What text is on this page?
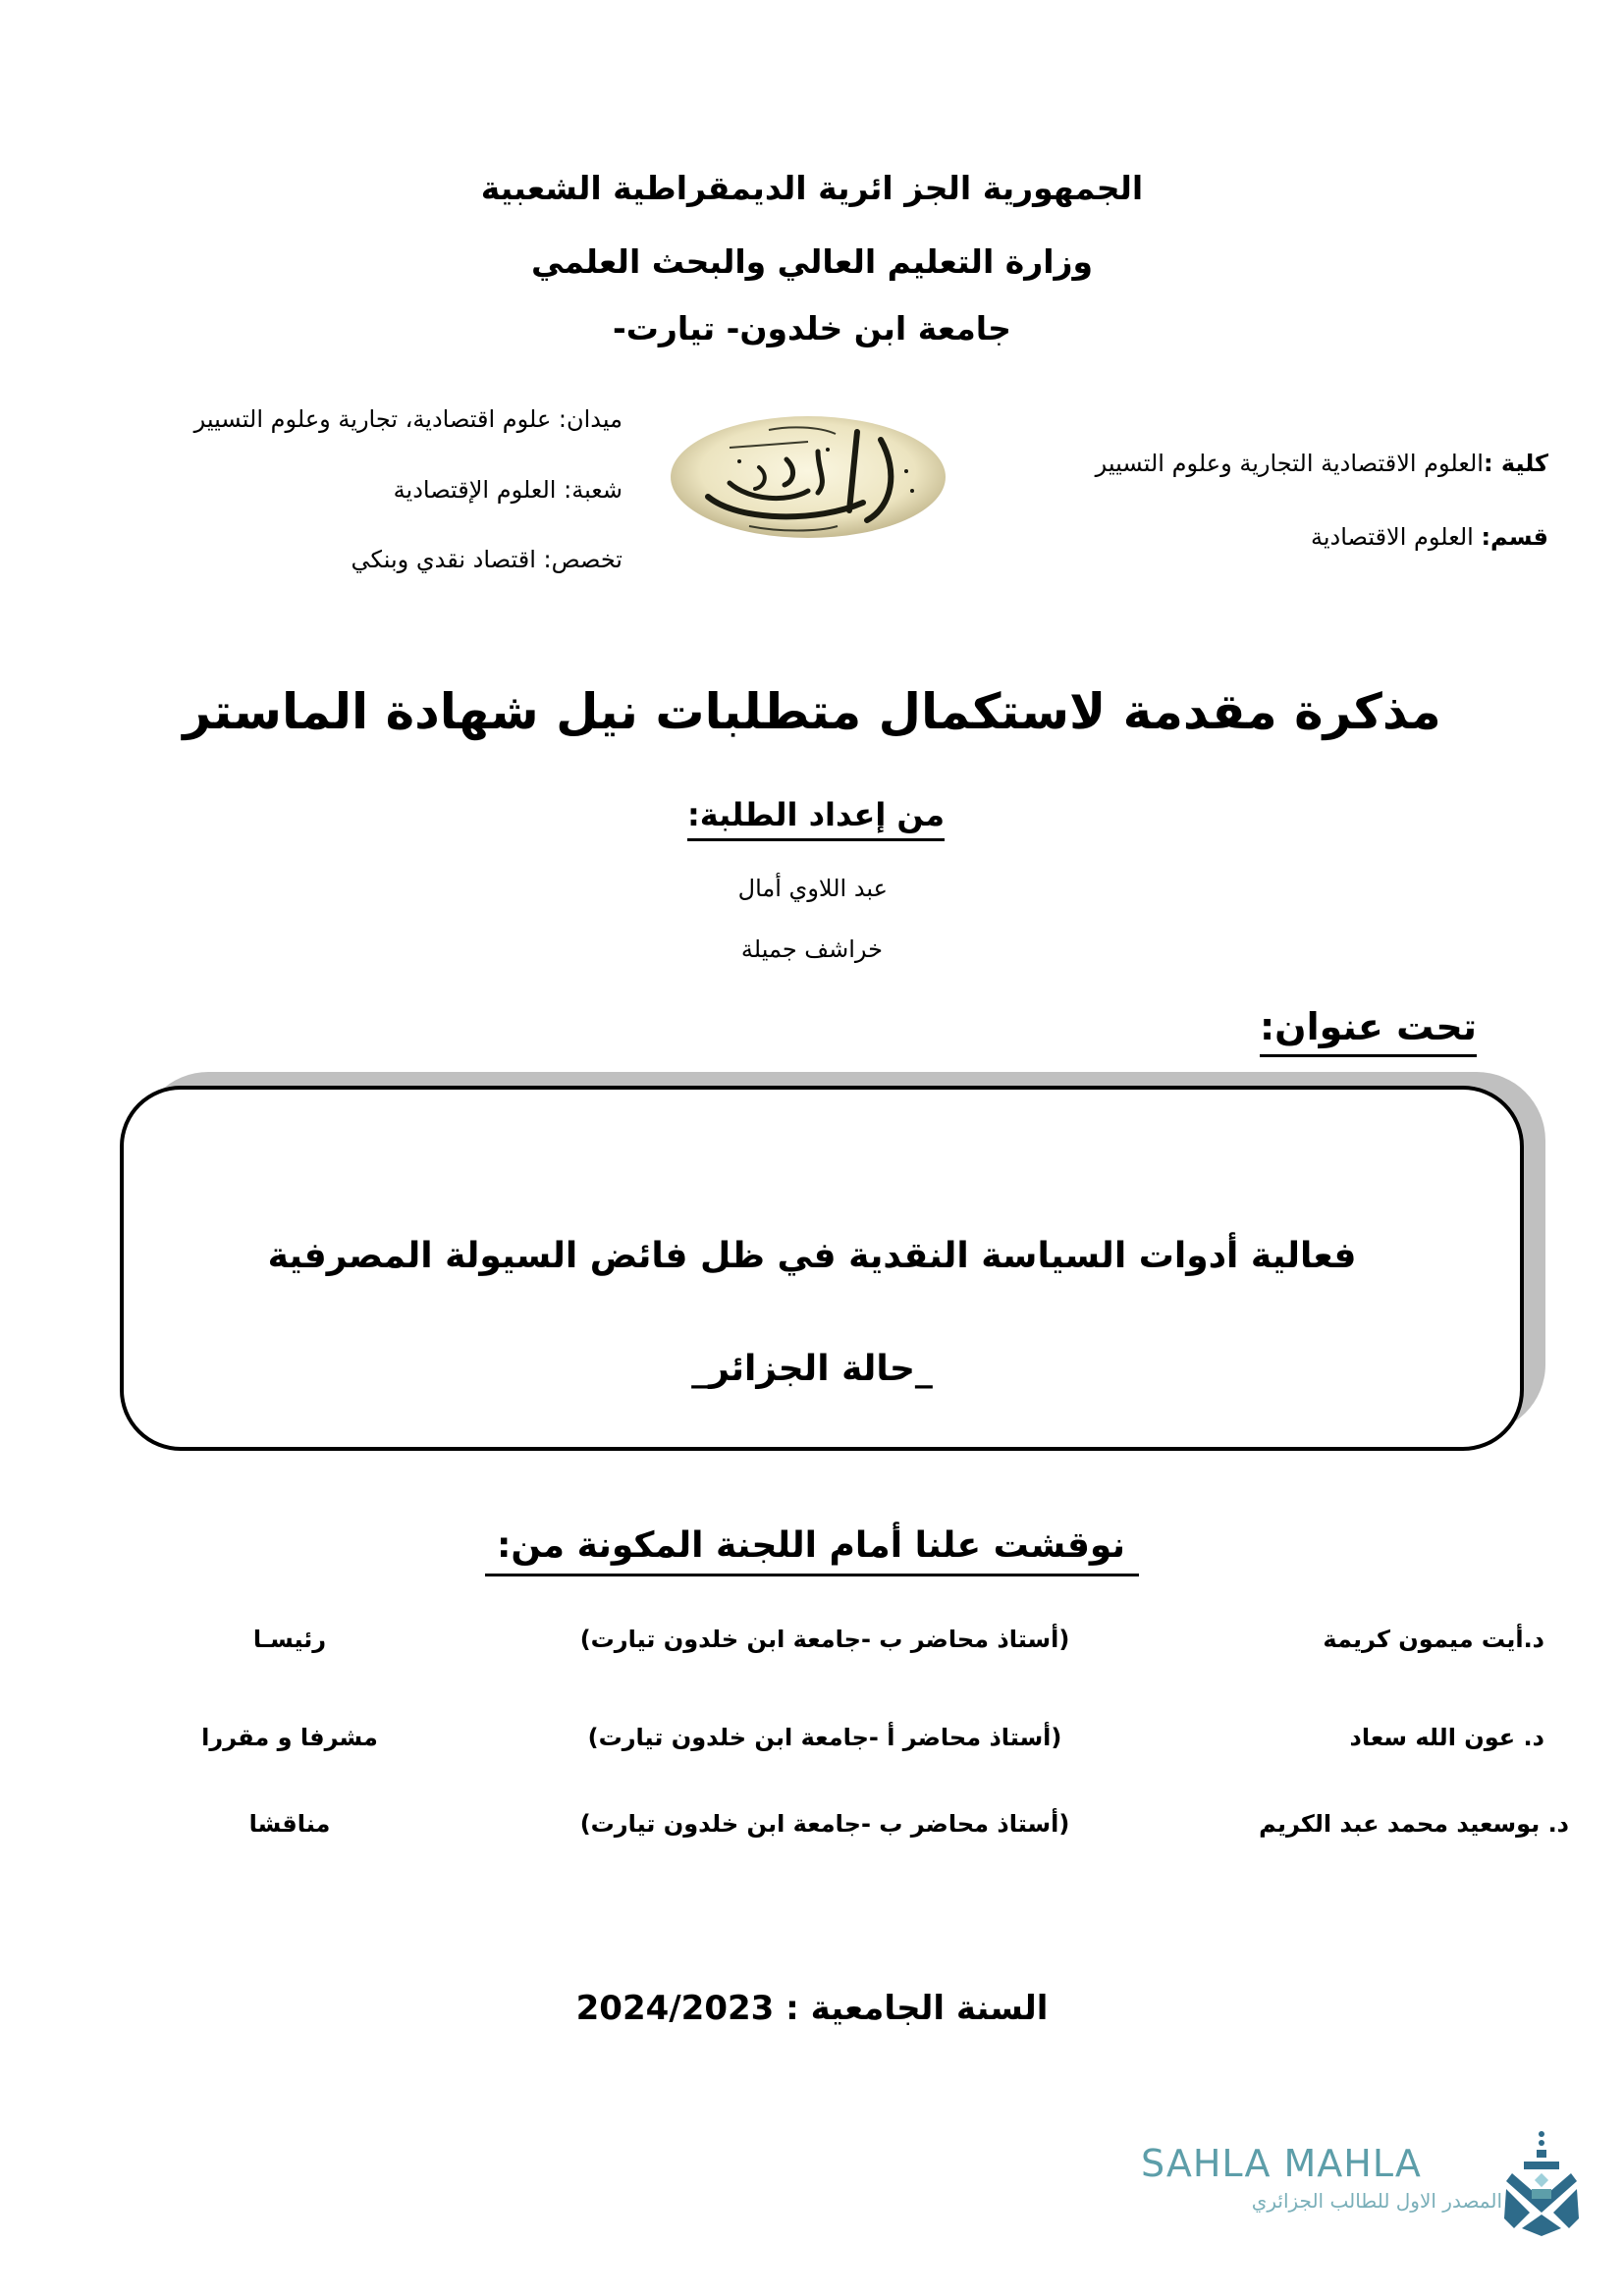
الجمهورية الجز ائرية الديمقراطية الشعبية
وزارة التعليم العالي والبحث العلمي
جامعة ابن خلدون- تيارت-
ميدان: علوم اقتصادية، تجارية وعلوم التسيير
شعبة: العلوم الإقتصادية
تخصص: اقتصاد نقدي وبنكي
كلية :العلوم الاقتصادية التجارية وعلوم التسيير
قسم: العلوم الاقتصادية
مذكرة مقدمة لاستكمال متطلبات نيل شهادة الماستر
من إعداد الطلبة:
عبد اللاوي أمال
خراشف جميلة
تحت عنوان:
فعالية أدوات السياسة النقدية في ظل فائض السيولة المصرفية
_حالة الجزائر_
نوقشت علنا أمام اللجنة المكونة من:
د.أيت ميمون كريمة
(أستاذ محاضر ب -جامعة ابن خلدون تيارت)
رئيسـا
د. عون الله سعاد
(أستاذ محاضر أ -جامعة ابن خلدون تيارت)
مشرفا و مقررا
د. بوسعيد محمد عبد الكريم
(أستاذ محاضر ب -جامعة ابن خلدون تيارت)
مناقشا
السنة الجامعية : 2024/2023
SAHLA MAHLA
المصدر الاول للطالب الجزائري
